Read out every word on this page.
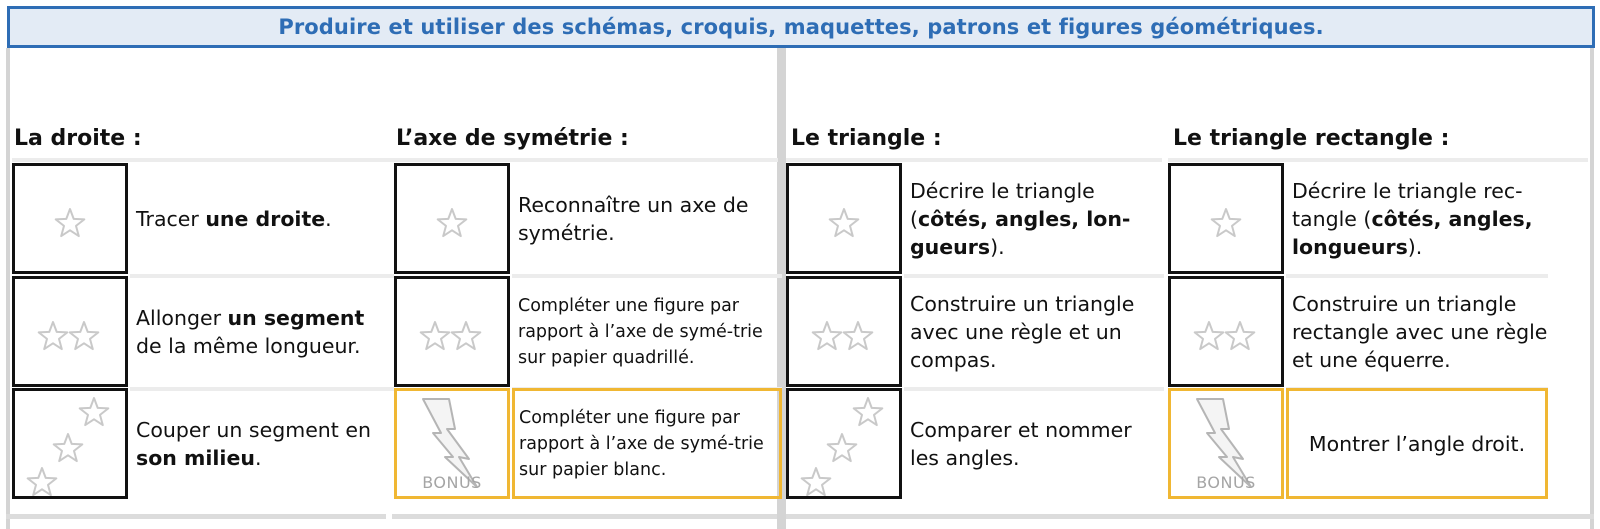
Produire et utiliser des schémas, croquis, maquettes, patrons et figures géométriques.
La droite :
Tracer une droite.
Allonger un segment de la même longueur.
Couper un segment en son milieu.
L’axe de symétrie :
Reconnaître un axe de symétrie.
Compléter une figure par rapport à l’axe de symé-trie sur papier quadrillé.
BONUS
Compléter une figure par rapport à l’axe de symé-trie sur papier blanc.
Le triangle :
Décrire le triangle (côtés, angles, lon-gueurs).
Construire un triangle avec une règle et un compas.
Comparer et nommer les angles.
Le triangle rectangle :
Décrire le triangle rec-tangle (côtés, angles, longueurs).
Construire un triangle rectangle avec une règle et une équerre.
BONUS
Montrer l’angle droit.
